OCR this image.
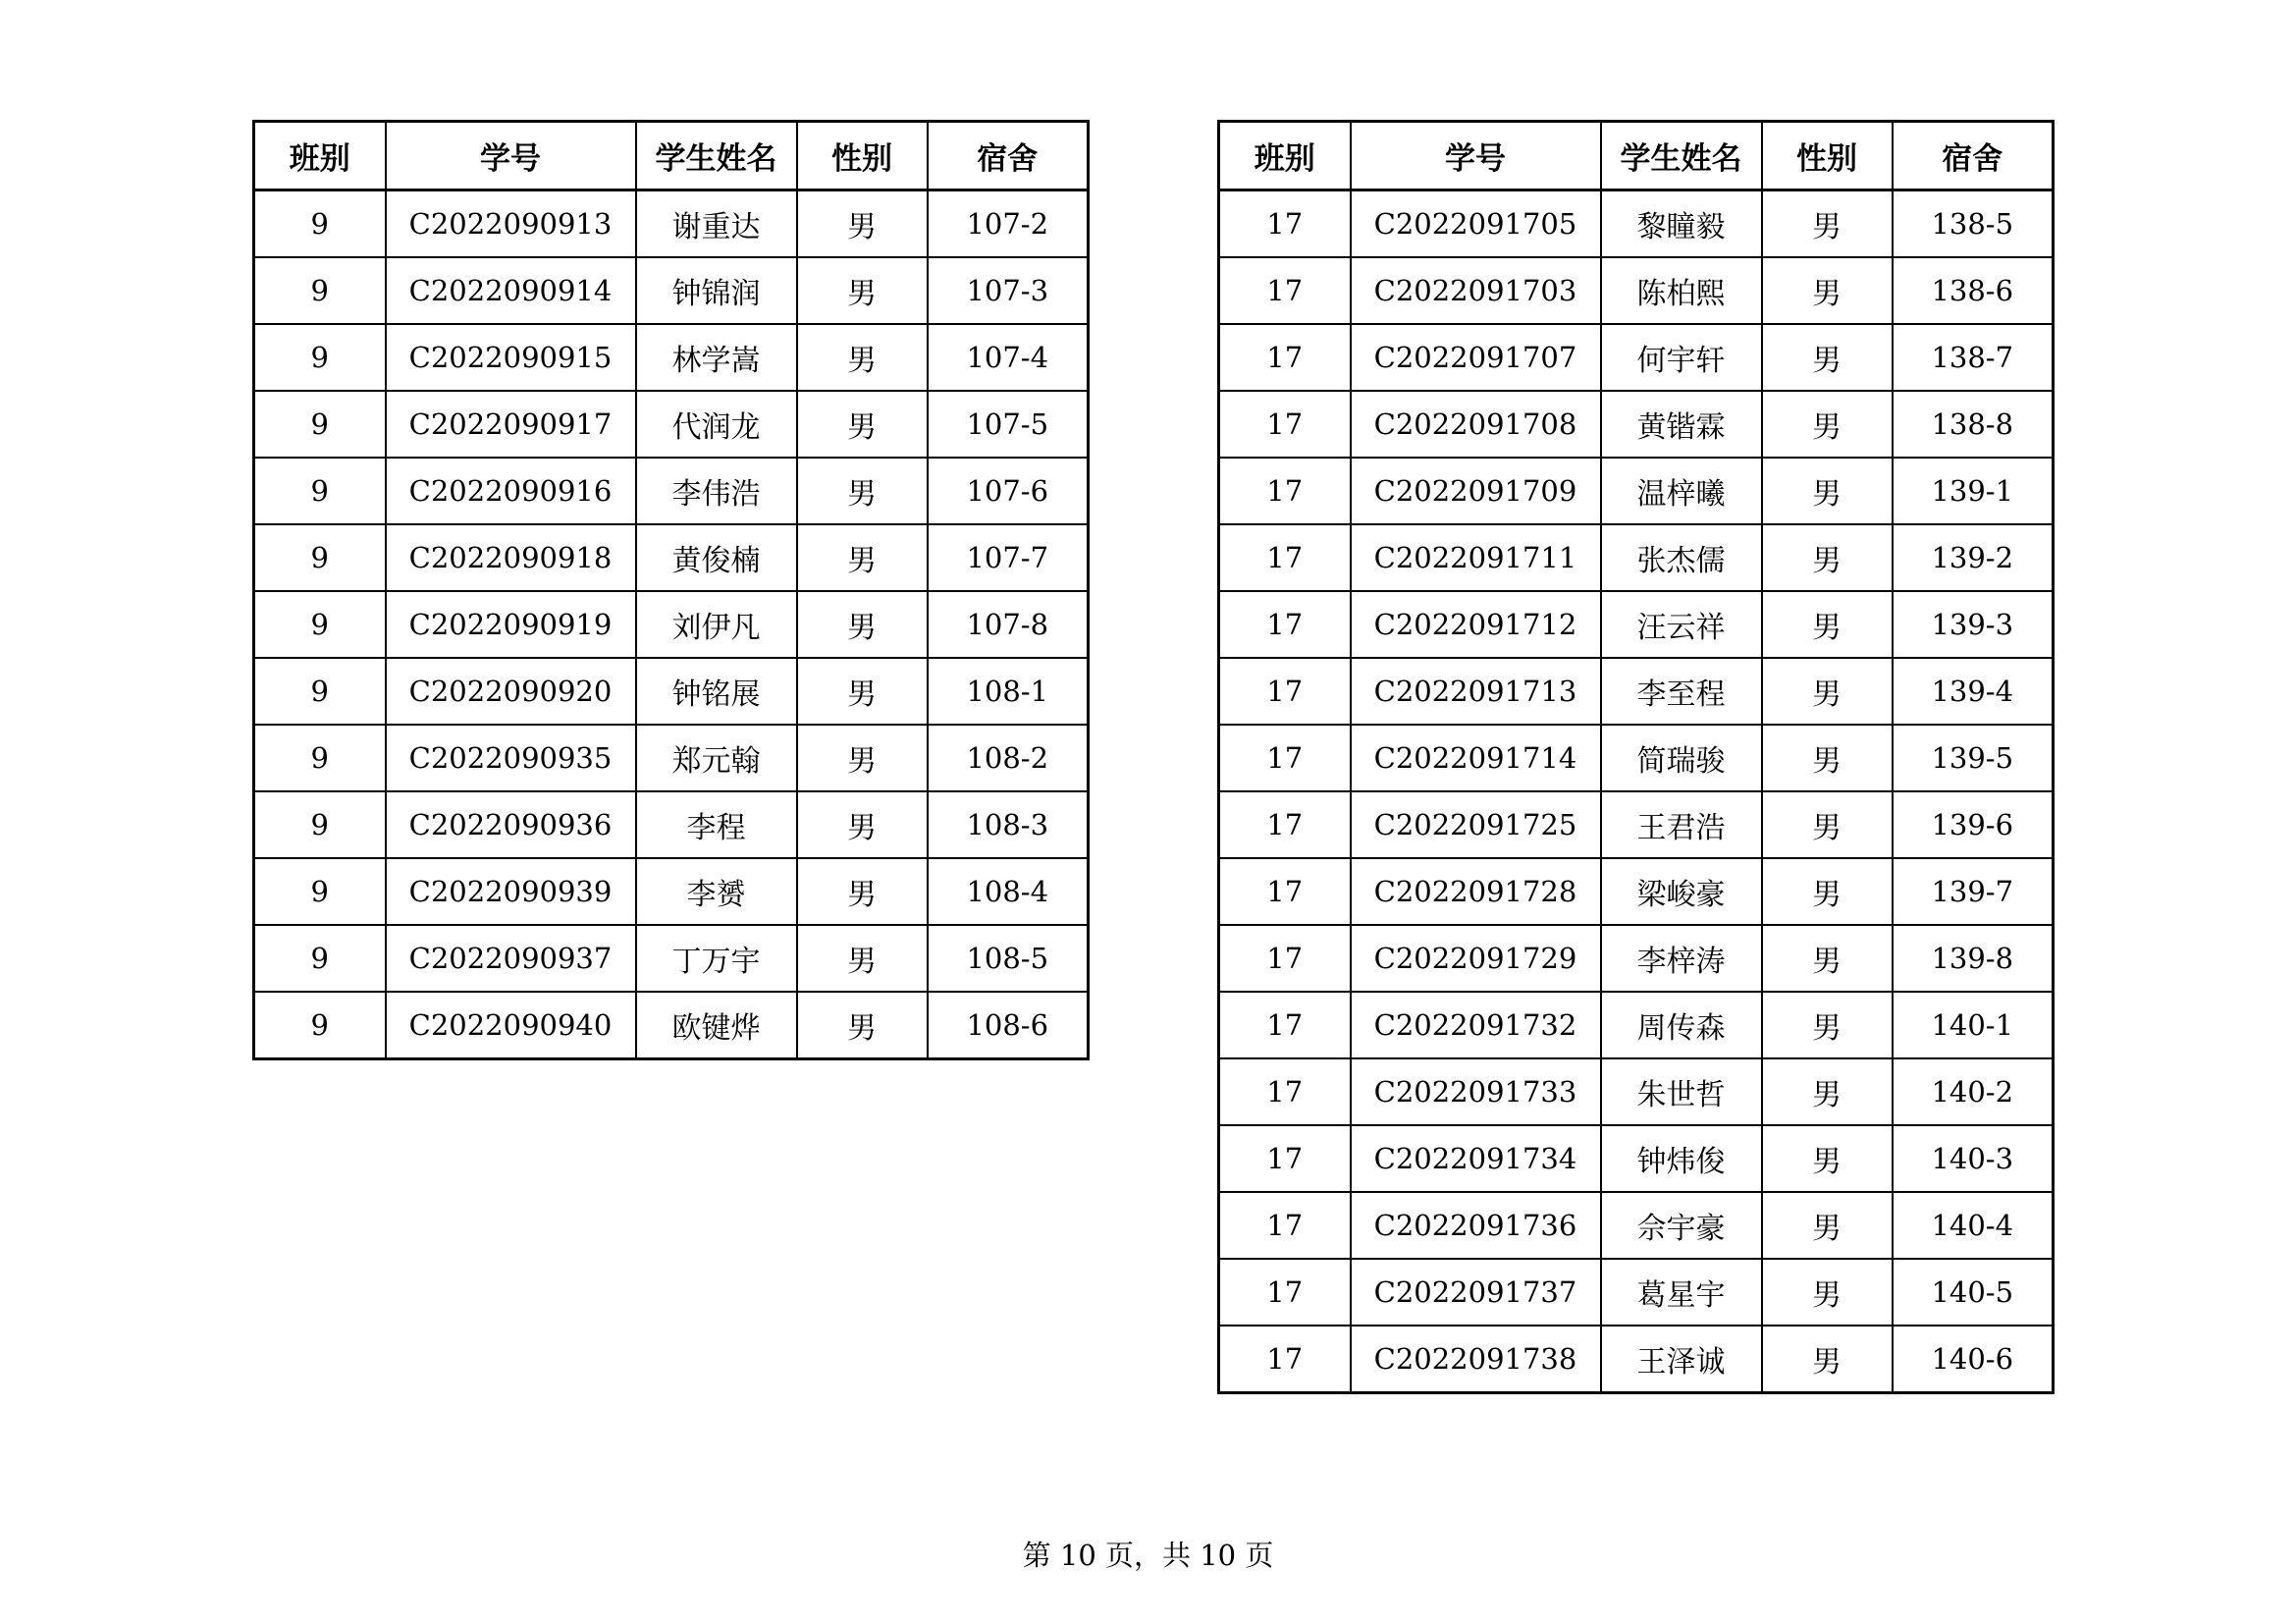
班别	学号	学生姓名	性别	宿舍
9	C2022090913	谢重达	男	107-2
9	C2022090914	钟锦润	男	107-3
9	C2022090915	林学嵩	男	107-4
9	C2022090917	代润龙	男	107-5
9	C2022090916	李伟浩	男	107-6
9	C2022090918	黄俊楠	男	107-7
9	C2022090919	刘伊凡	男	107-8
9	C2022090920	钟铭展	男	108-1
9	C2022090935	郑元翰	男	108-2
9	C2022090936	李程	男	108-3
9	C2022090939	李赟	男	108-4
9	C2022090937	丁万宇	男	108-5
9	C2022090940	欧键烨	男	108-6
班别	学号	学生姓名	性别	宿舍
17	C2022091705	黎瞳毅	男	138-5
17	C2022091703	陈柏熙	男	138-6
17	C2022091707	何宇轩	男	138-7
17	C2022091708	黄锴霖	男	138-8
17	C2022091709	温梓曦	男	139-1
17	C2022091711	张杰儒	男	139-2
17	C2022091712	汪云祥	男	139-3
17	C2022091713	李至程	男	139-4
17	C2022091714	简瑞骏	男	139-5
17	C2022091725	王君浩	男	139-6
17	C2022091728	梁峻豪	男	139-7
17	C2022091729	李梓涛	男	139-8
17	C2022091732	周传森	男	140-1
17	C2022091733	朱世哲	男	140-2
17	C2022091734	钟炜俊	男	140-3
17	C2022091736	佘宇豪	男	140-4
17	C2022091737	葛星宇	男	140-5
17	C2022091738	王泽诚	男	140-6
第 10 页，共 10 页
